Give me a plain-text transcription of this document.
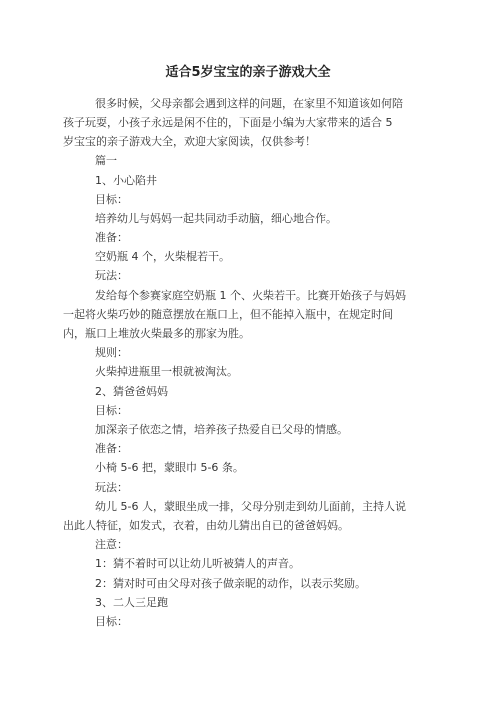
适合5岁宝宝的亲子游戏大全
很多时候，父母亲都会遇到这样的问题，在家里不知道该如何陪
孩子玩耍，小孩子永远是闲不住的，下面是小编为大家带来的适合 5
岁宝宝的亲子游戏大全，欢迎大家阅读，仅供参考！
篇一
1、小心陷井
目标：
培养幼儿与妈妈一起共同动手动脑，细心地合作。
准备：
空奶瓶 4 个，火柴棍若干。
玩法：
发给每个参赛家庭空奶瓶 1 个、火柴若干。比赛开始孩子与妈妈
一起将火柴巧妙的随意摆放在瓶口上，但不能掉入瓶中，在规定时间
内，瓶口上堆放火柴最多的那家为胜。
规则：
火柴掉进瓶里一根就被淘汰。
2、猜爸爸妈妈
目标：
加深亲子依恋之情，培养孩子热爱自已父母的情感。
准备：
小椅 5-6 把，蒙眼巾 5-6 条。
玩法：
幼儿 5-6 人，蒙眼坐成一排，父母分别走到幼儿面前，主持人说
出此人特征，如发式，衣着，由幼儿猜出自已的爸爸妈妈。
注意：
1：猜不着时可以让幼儿听被猜人的声音。
2：猜对时可由父母对孩子做亲昵的动作，以表示奖励。
3、二人三足跑
目标：
